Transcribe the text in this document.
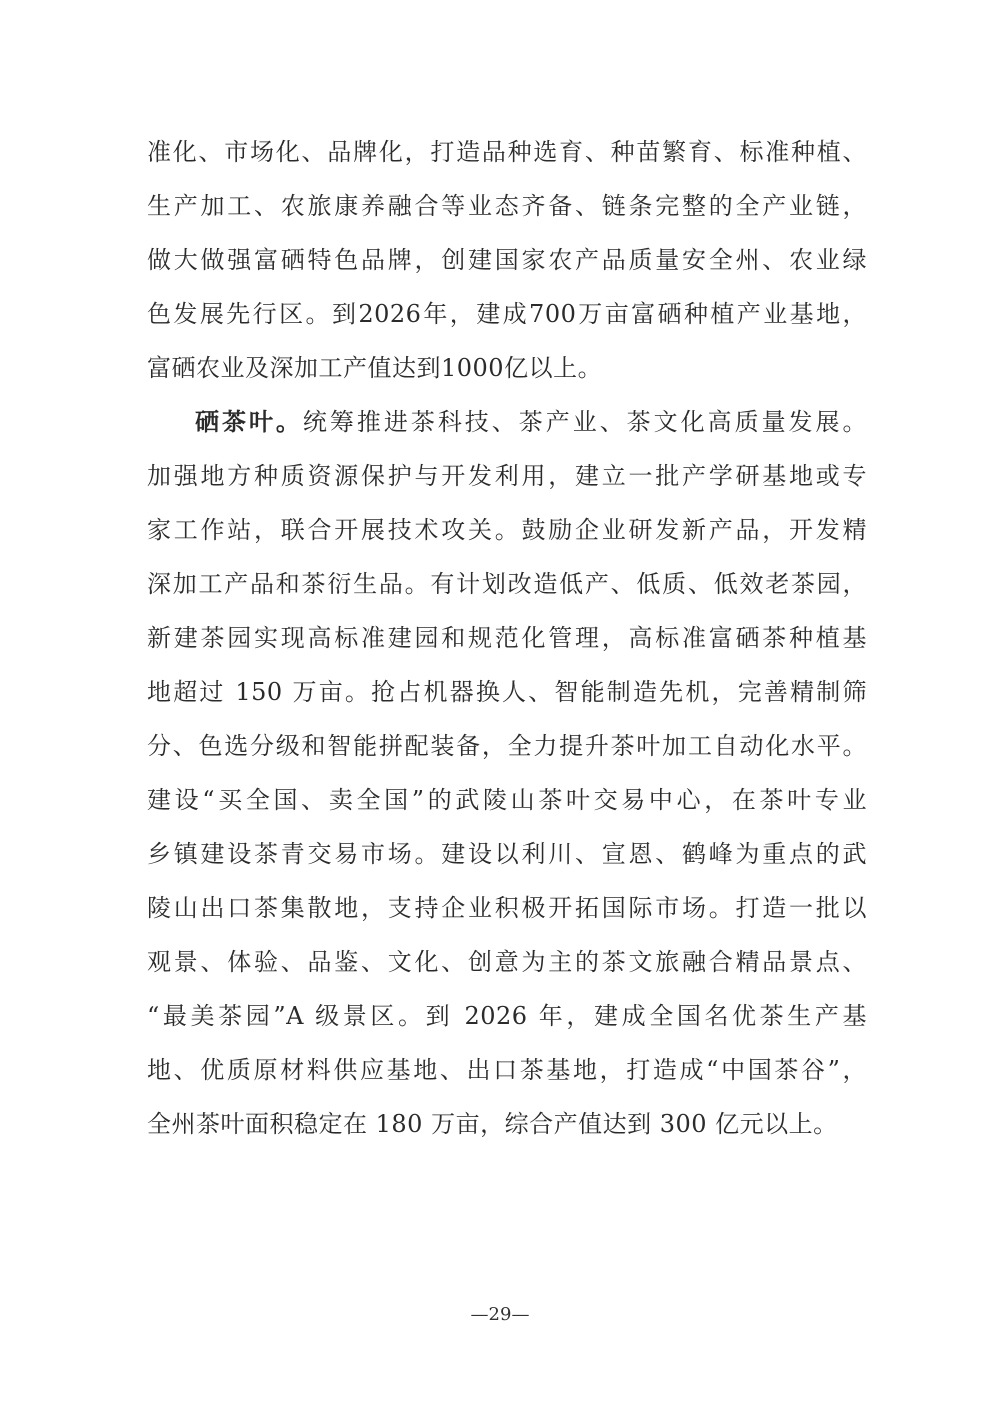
准化、市场化、品牌化，打造品种选育、种苗繁育、标准种植、
生产加工、农旅康养融合等业态齐备、链条完整的全产业链，
做大做强富硒特色品牌，创建国家农产品质量安全州、农业绿
色发展先行区。到2026年，建成700万亩富硒种植产业基地，
富硒农业及深加工产值达到1000亿以上。
硒茶叶。统筹推进茶科技、茶产业、茶文化高质量发展。
加强地方种质资源保护与开发利用，建立一批产学研基地或专
家工作站，联合开展技术攻关。鼓励企业研发新产品，开发精
深加工产品和茶衍生品。有计划改造低产、低质、低效老茶园，
新建茶园实现高标准建园和规范化管理，高标准富硒茶种植基
地超过 150 万亩。抢占机器换人、智能制造先机，完善精制筛
分、色选分级和智能拼配装备，全力提升茶叶加工自动化水平。
建设“买全国、卖全国”的武陵山茶叶交易中心，在茶叶专业
乡镇建设茶青交易市场。建设以利川、宣恩、鹤峰为重点的武
陵山出口茶集散地，支持企业积极开拓国际市场。打造一批以
观景、体验、品鉴、文化、创意为主的茶文旅融合精品景点、
“最美茶园”A 级景区。到 2026 年，建成全国名优茶生产基
地、优质原材料供应基地、出口茶基地，打造成“中国茶谷”，
全州茶叶面积稳定在 180 万亩，综合产值达到 300 亿元以上。
—29—
